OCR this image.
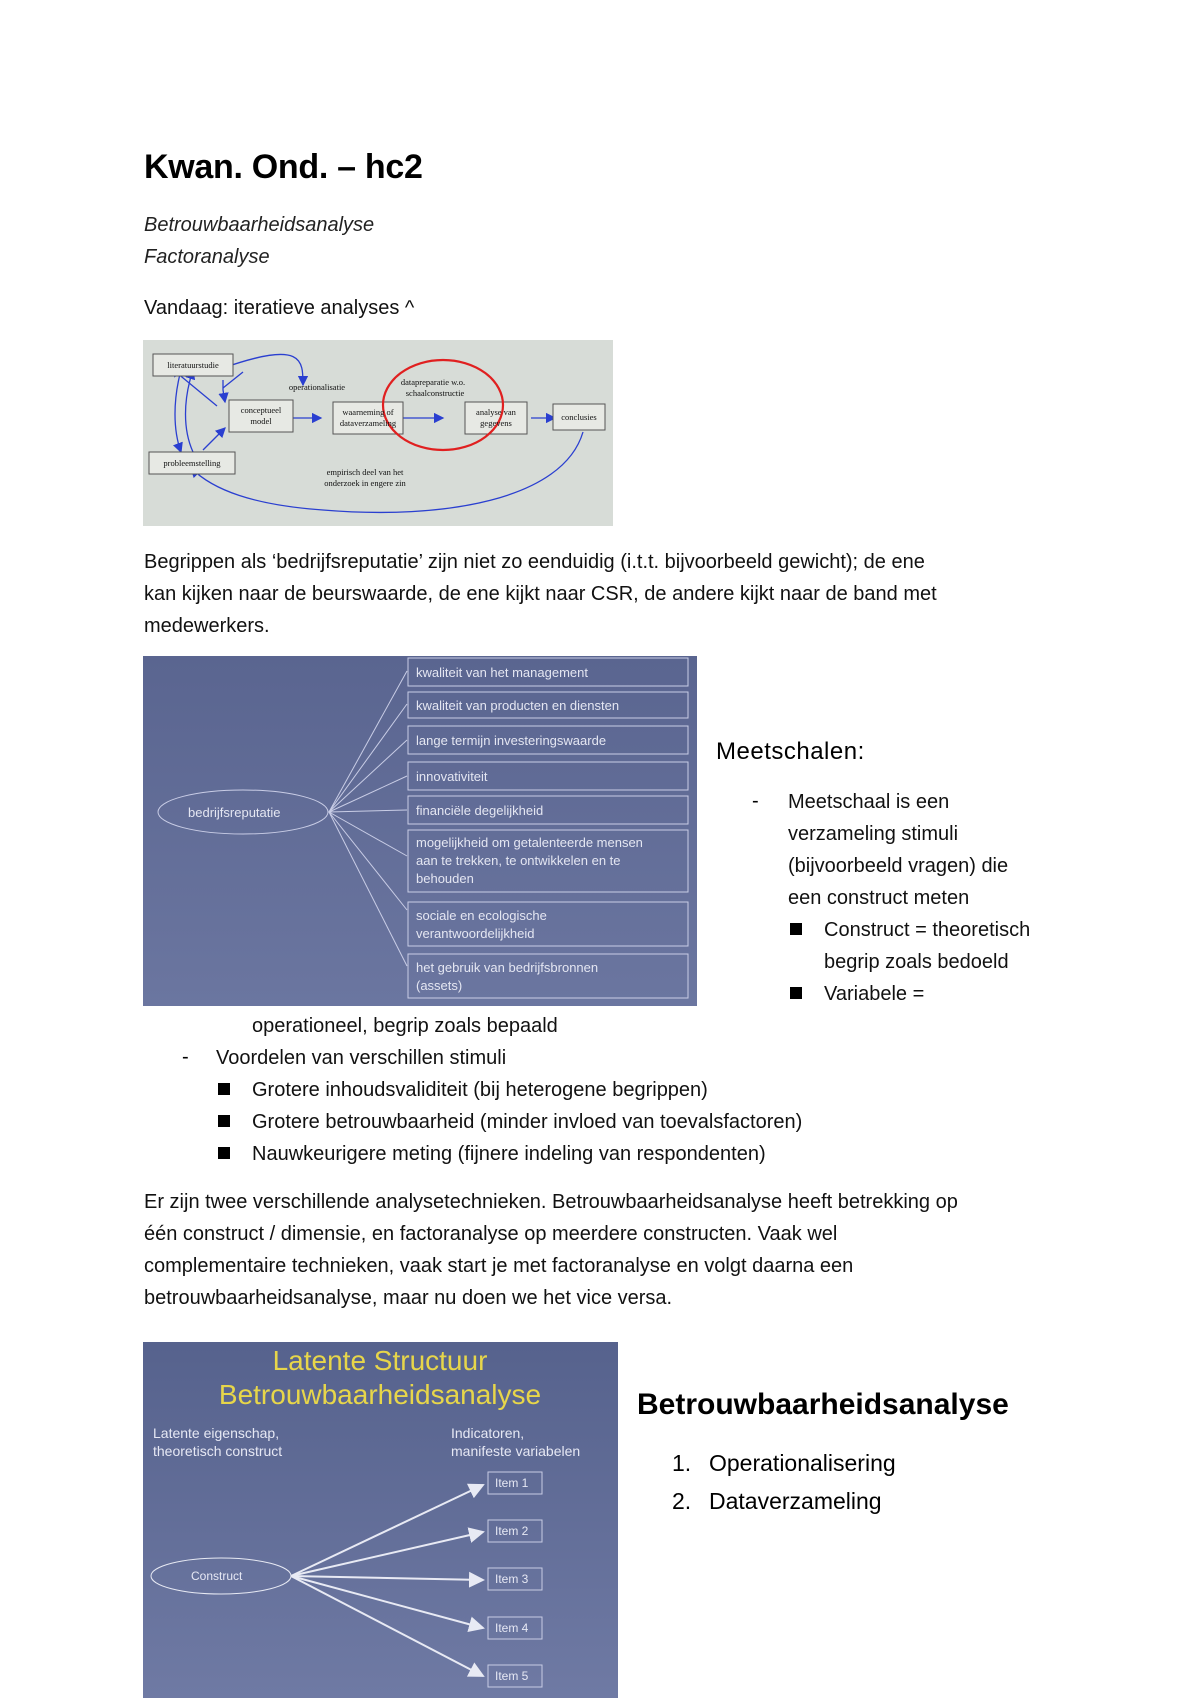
Kwan. Ond. – hc2
Betrouwbaarheidsanalyse
Factoranalyse
Vandaag: iteratieve analyses ^
literatuurstudie
conceptueel
model
operationalisatie
waarneming of
dataverzameling
datapreparatie w.o.
schaalconstructie
analyse van
gegevens
conclusies
probleemstelling
empirisch deel van het
onderzoek in engere zin
Begrippen als ‘bedrijfsreputatie’ zijn niet zo eenduidig (i.t.t. bijvoorbeeld gewicht); de ene
kan kijken naar de beurswaarde, de ene kijkt naar CSR, de andere kijkt naar de band met
medewerkers.
bedrijfsreputatie
kwaliteit van het management
kwaliteit van producten en diensten
lange termijn investeringswaarde
innovativiteit
financiële degelijkheid
mogelijkheid om getalenteerde mensen
aan te trekken, te ontwikkelen en te
behouden
sociale en ecologische
verantwoordelijkheid
het gebruik van bedrijfsbronnen
(assets)
Meetschalen:
- Meetschaal is een
verzameling stimuli
(bijvoorbeeld vragen) die
een construct meten
Construct = theoretisch
begrip zoals bedoeld
Variabele =
operationeel, begrip zoals bepaald
- Voordelen van verschillen stimuli
Grotere inhoudsvaliditeit (bij heterogene begrippen)
Grotere betrouwbaarheid (minder invloed van toevalsfactoren)
Nauwkeurigere meting (fijnere indeling van respondenten)
Er zijn twee verschillende analysetechnieken. Betrouwbaarheidsanalyse heeft betrekking op
één construct / dimensie, en factoranalyse op meerdere constructen. Vaak wel
complementaire technieken, vaak start je met factoranalyse en volgt daarna een
betrouwbaarheidsanalyse, maar nu doen we het vice versa.
Latente Structuur
Betrouwbaarheidsanalyse
Latente eigenschap,
theoretisch construct
Indicatoren,
manifeste variabelen
Construct
Item 1
Item 2
Item 3
Item 4
Item 5
Betrouwbaarheidsanalyse
1. Operationalisering
2. Dataverzameling
